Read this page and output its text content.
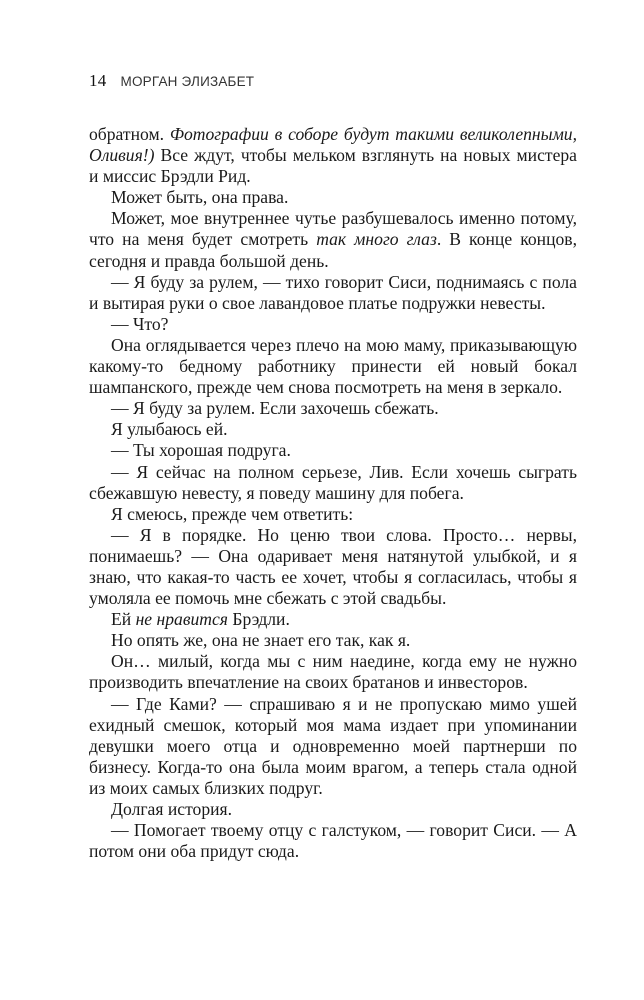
14 МОРГАН ЭЛИЗАБЕТ

обратном. Фотографии в соборе будут такими великолепными, Оливия!) Все ждут, чтобы мельком взглянуть на новых мистера и миссис Брэдли Рид.

Может быть, она права.

Может, мое внутреннее чутье разбушевалось именно потому, что на меня будет смотреть так много глаз. В конце концов, сегодня и правда большой день.

— Я буду за рулем, — тихо говорит Сиси, поднимаясь с пола и вытирая руки о свое лавандовое платье подружки невесты.

— Что?

Она оглядывается через плечо на мою маму, приказывающую какому-то бедному работнику принести ей новый бокал шампанского, прежде чем снова посмотреть на меня в зеркало.

— Я буду за рулем. Если захочешь сбежать.

Я улыбаюсь ей.

— Ты хорошая подруга.

— Я сейчас на полном серьезе, Лив. Если хочешь сыграть сбежавшую невесту, я поведу машину для побега.

Я смеюсь, прежде чем ответить:

— Я в порядке. Но ценю твои слова. Просто… нервы, понимаешь? — Она одаривает меня натянутой улыбкой, и я знаю, что какая-то часть ее хочет, чтобы я согласилась, чтобы я умоляла ее помочь мне сбежать с этой свадьбы.

Ей не нравится Брэдли.

Но опять же, она не знает его так, как я.

Он… милый, когда мы с ним наедине, когда ему не нужно производить впечатление на своих братанов и инвесторов.

— Где Ками? — спрашиваю я и не пропускаю мимо ушей ехидный смешок, который моя мама издает при упоминании девушки моего отца и одновременно моей партнерши по бизнесу. Когда-то она была моим врагом, а теперь стала одной из моих самых близких подруг.

Долгая история.

— Помогает твоему отцу с галстуком, — говорит Сиси. — А потом они оба придут сюда.
